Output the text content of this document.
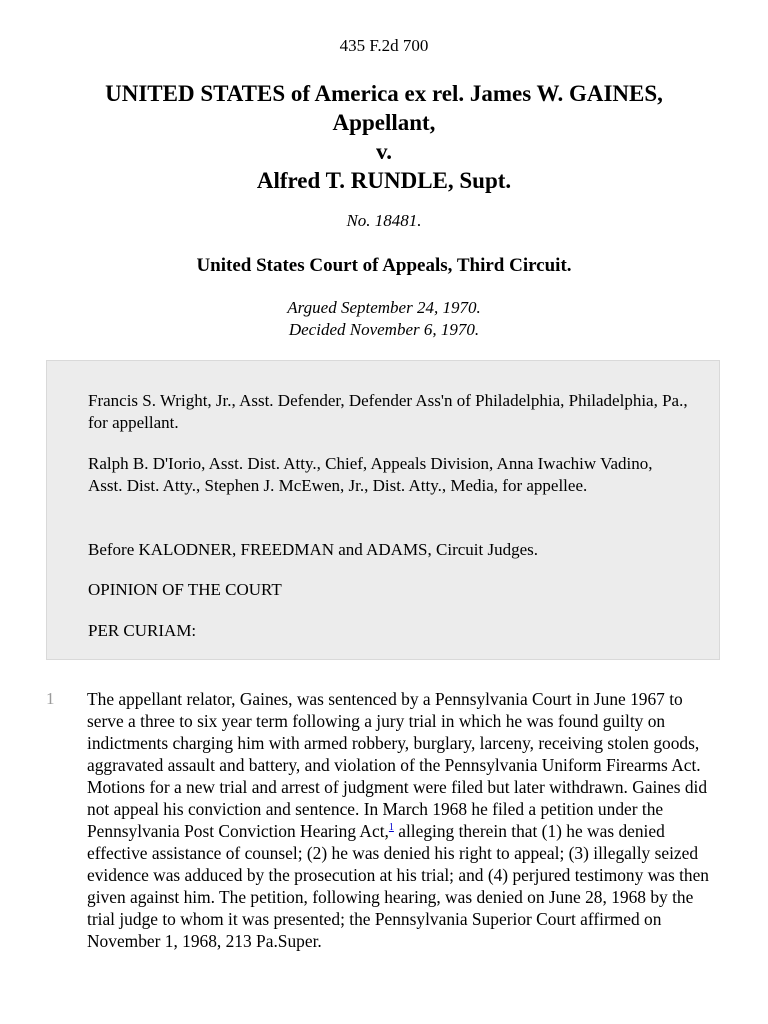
435 F.2d 700
UNITED STATES of America ex rel. James W. GAINES,
Appellant,
v.
Alfred T. RUNDLE, Supt.
No. 18481.
United States Court of Appeals, Third Circuit.
Argued September 24, 1970.
Decided November 6, 1970.

Francis S. Wright, Jr., Asst. Defender, Defender Ass'n of Philadelphia, Philadelphia, Pa., for appellant.

Ralph B. D'Iorio, Asst. Dist. Atty., Chief, Appeals Division, Anna Iwachiw Vadino, Asst. Dist. Atty., Stephen J. McEwen, Jr., Dist. Atty., Media, for appellee.

Before KALODNER, FREEDMAN and ADAMS, Circuit Judges.

OPINION OF THE COURT

PER CURIAM:

1 The appellant relator, Gaines, was sentenced by a Pennsylvania Court in June 1967 to serve a three to six year term following a jury trial in which he was found guilty on indictments charging him with armed robbery, burglary, larceny, receiving stolen goods, aggravated assault and battery, and violation of the Pennsylvania Uniform Firearms Act. Motions for a new trial and arrest of judgment were filed but later withdrawn. Gaines did not appeal his conviction and sentence. In March 1968 he filed a petition under the Pennsylvania Post Conviction Hearing Act,$^1$ alleging therein that (1) he was denied effective assistance of counsel; (2) he was denied his right to appeal; (3) illegally seized evidence was adduced by the prosecution at his trial; and (4) perjured testimony was then given against him. The petition, following hearing, was denied on June 28, 1968 by the trial judge to whom it was presented; the Pennsylvania Superior Court affirmed on November 1, 1968, 213 Pa.Super.
